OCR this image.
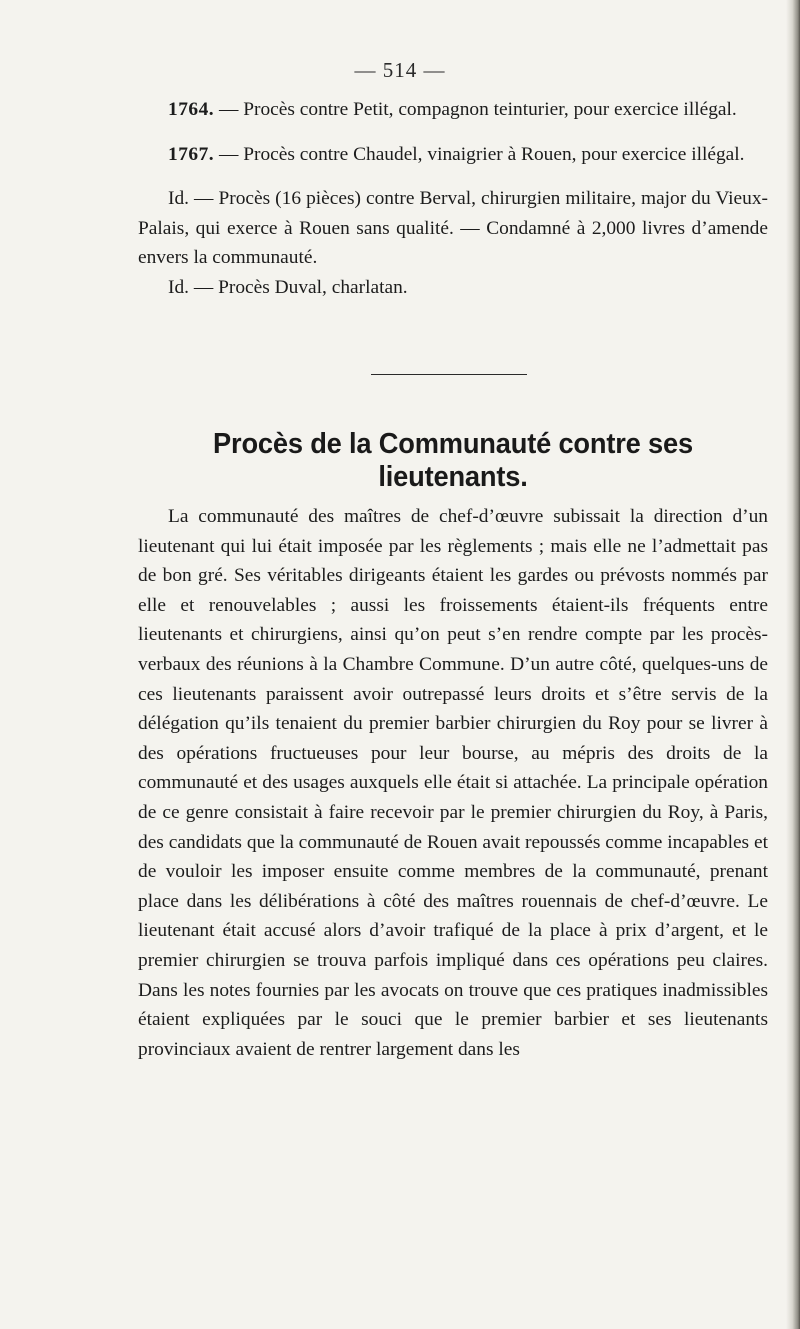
— 514 —

1764. — Procès contre Petit, compagnon teinturier, pour exercice illégal.

1767. — Procès contre Chaudel, vinaigrier à Rouen, pour exercice illégal.

Id. — Procès (16 pièces) contre Berval, chirurgien militaire, major du Vieux-Palais, qui exerce à Rouen sans qualité. — Condamné à 2,000 livres d’amende envers la communauté.

Id. — Procès Duval, charlatan.

Procès de la Communauté contre ses lieutenants.

La communauté des maîtres de chef-d’œuvre subissait la direction d’un lieutenant qui lui était imposée par les règlements ; mais elle ne l’admettait pas de bon gré. Ses véritables dirigeants étaient les gardes ou prévosts nommés par elle et renouvelables ; aussi les froissements étaient-ils fréquents entre lieutenants et chirurgiens, ainsi qu’on peut s’en rendre compte par les procès-verbaux des réunions à la Chambre Commune. D’un autre côté, quelques-uns de ces lieutenants paraissent avoir outrepassé leurs droits et s’être servis de la délégation qu’ils tenaient du premier barbier chirurgien du Roy pour se livrer à des opérations fructueuses pour leur bourse, au mépris des droits de la communauté et des usages auxquels elle était si attachée. La principale opération de ce genre consistait à faire recevoir par le premier chirurgien du Roy, à Paris, des candidats que la communauté de Rouen avait repoussés comme incapables et de vouloir les imposer ensuite comme membres de la communauté, prenant place dans les délibérations à côté des maîtres rouennais de chef-d’œuvre. Le lieutenant était accusé alors d’avoir trafiqué de la place à prix d’argent, et le premier chirurgien se trouva parfois impliqué dans ces opérations peu claires. Dans les notes fournies par les avocats on trouve que ces pratiques inadmissibles étaient expliquées par le souci que le premier barbier et ses lieutenants provinciaux avaient de rentrer largement dans les
